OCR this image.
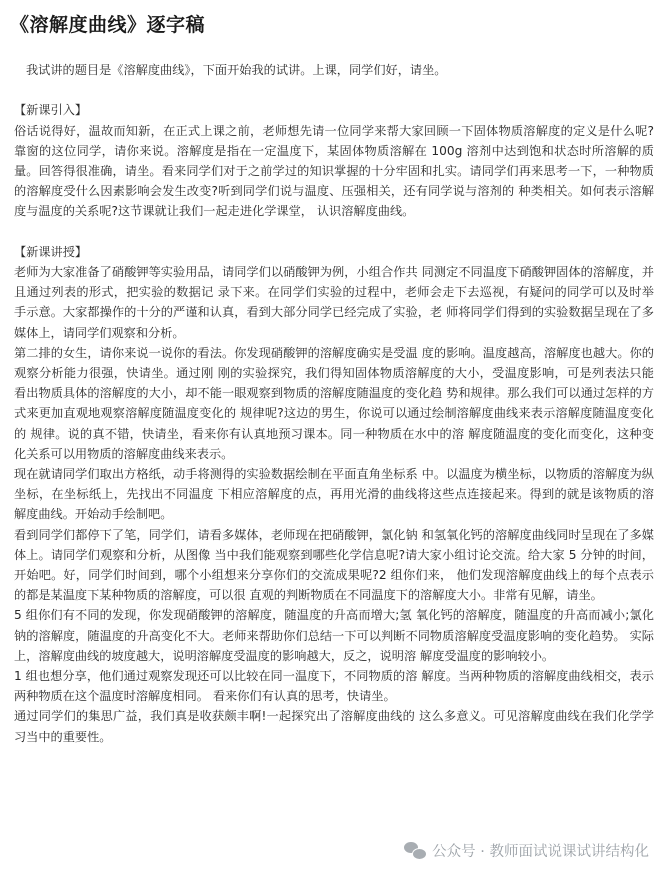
《溶解度曲线》逐字稿

我试讲的题目是《溶解度曲线》，下面开始我的试讲。上课，同学们好，请坐。

【新课引入】

俗话说得好，温故而知新，在正式上课之前，老师想先请一位同学来帮大家回顾一下固体物质溶解度的定义是什么呢?靠窗的这位同学，请你来说。溶解度是指在一定温度下，某固体物质溶解在 100g 溶剂中达到饱和状态时所溶解的质量。回答得很准确，请坐。看来同学们对于之前学过的知识掌握的十分牢固和扎实。请同学们再来思考一下，一种物质的溶解度受什么因素影响会发生改变?听到同学们说与温度、压强相关，还有同学说与溶剂的 种类相关。如何表示溶解度与温度的关系呢?这节课就让我们一起走进化学课堂， 认识溶解度曲线。

【新课讲授】

老师为大家准备了硝酸钾等实验用品，请同学们以硝酸钾为例，小组合作共 同测定不同温度下硝酸钾固体的溶解度，并且通过列表的形式，把实验的数据记 录下来。在同学们实验的过程中，老师会走下去巡视，有疑问的同学可以及时举 手示意。大家都操作的十分的严谨和认真，看到大部分同学已经完成了实验，老 师将同学们得到的实验数据呈现在了多媒体上，请同学们观察和分析。

第二排的女生，请你来说一说你的看法。你发现硝酸钾的溶解度确实是受温 度的影响。温度越高，溶解度也越大。你的观察分析能力很强，快请坐。通过刚 刚的实验探究，我们得知固体物质溶解度的大小，受温度影响，可是列表法只能 看出物质具体的溶解度的大小，却不能一眼观察到物质的溶解度随温度的变化趋 势和规律。那么我们可以通过怎样的方式来更加直观地观察溶解度随温度变化的 规律呢?这边的男生，你说可以通过绘制溶解度曲线来表示溶解度随温度变化的 规律。说的真不错，快请坐，看来你有认真地预习课本。同一种物质在水中的溶 解度随温度的变化而变化，这种变化关系可以用物质的溶解度曲线来表示。

现在就请同学们取出方格纸，动手将测得的实验数据绘制在平面直角坐标系 中。以温度为横坐标，以物质的溶解度为纵坐标，在坐标纸上，先找出不同温度 下相应溶解度的点，再用光滑的曲线将这些点连接起来。得到的就是该物质的溶 解度曲线。开始动手绘制吧。

看到同学们都停下了笔，同学们，请看多媒体，老师现在把硝酸钾，氯化钠 和氢氧化钙的溶解度曲线同时呈现在了多媒体上。请同学们观察和分析，从图像 当中我们能观察到哪些化学信息呢?请大家小组讨论交流。给大家 5 分钟的时间， 开始吧。好，同学们时间到，哪个小组想来分享你们的交流成果呢?2 组你们来， 他们发现溶解度曲线上的每个点表示的都是某温度下某种物质的溶解度，可以很 直观的判断物质在不同温度下的溶解度大小。非常有见解，请坐。

5 组你们有不同的发现，你发现硝酸钾的溶解度，随温度的升高而增大;氢 氧化钙的溶解度，随温度的升高而减小;氯化钠的溶解度，随温度的升高变化不大。老师来帮助你们总结一下可以判断不同物质溶解度受温度影响的变化趋势。 实际上，溶解度曲线的坡度越大，说明溶解度受温度的影响越大，反之，说明溶 解度受温度的影响较小。

1 组也想分享，他们通过观察发现还可以比较在同一温度下，不同物质的溶 解度。当两种物质的溶解度曲线相交，表示两种物质在这个温度时溶解度相同。 看来你们有认真的思考，快请坐。

通过同学们的集思广益，我们真是收获颇丰啊!一起探究出了溶解度曲线的 这么多意义。可见溶解度曲线在我们化学学习当中的重要性。

公众号 · 教师面试说课试讲结构化
